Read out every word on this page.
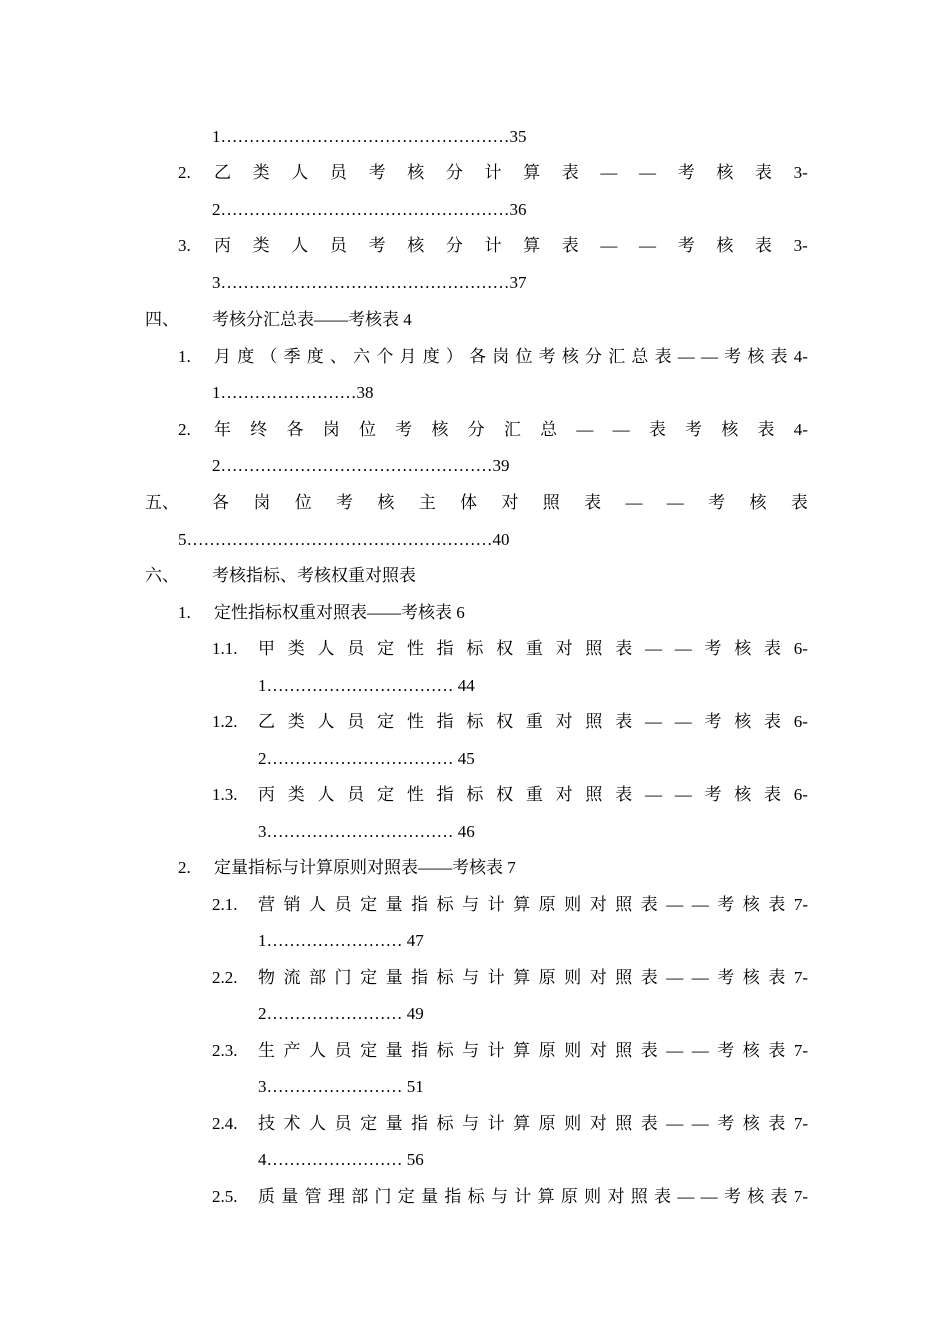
1……………………………………………35
2. 乙 类 人 员 考 核 分 计 算 表 — — 考 核 表 3-
2……………………………………………36
3. 丙 类 人 员 考 核 分 计 算 表 — — 考 核 表 3-
3……………………………………………37
四、 考核分汇总表——考核表 4
1. 月 度 （ 季 度 、 六 个 月 度 ） 各 岗 位 考 核 分 汇 总 表 — — 考 核 表 4-
1……………………38
2. 年 终 各 岗 位 考 核 分 汇 总 — — 表 考 核 表 4-
2…………………………………………39
五、 各 岗 位 考 核 主 体 对 照 表 — — 考 核 表
5………………………………………………40
六、 考核指标、考核权重对照表
1. 定性指标权重对照表——考核表 6
1.1. 甲 类 人 员 定 性 指 标 权 重 对 照 表 — — 考 核 表 6-
1…………………………… 44
1.2. 乙 类 人 员 定 性 指 标 权 重 对 照 表 — — 考 核 表 6-
2…………………………… 45
1.3. 丙 类 人 员 定 性 指 标 权 重 对 照 表 — — 考 核 表 6-
3…………………………… 46
2. 定量指标与计算原则对照表——考核表 7
2.1. 营 销 人 员 定 量 指 标 与 计 算 原 则 对 照 表 — — 考 核 表 7-
1…………………… 47
2.2. 物 流 部 门 定 量 指 标 与 计 算 原 则 对 照 表 — — 考 核 表 7-
2…………………… 49
2.3. 生 产 人 员 定 量 指 标 与 计 算 原 则 对 照 表 — — 考 核 表 7-
3…………………… 51
2.4. 技 术 人 员 定 量 指 标 与 计 算 原 则 对 照 表 — — 考 核 表 7-
4…………………… 56
2.5. 质 量 管 理 部 门 定 量 指 标 与 计 算 原 则 对 照 表 — — 考 核 表 7-
